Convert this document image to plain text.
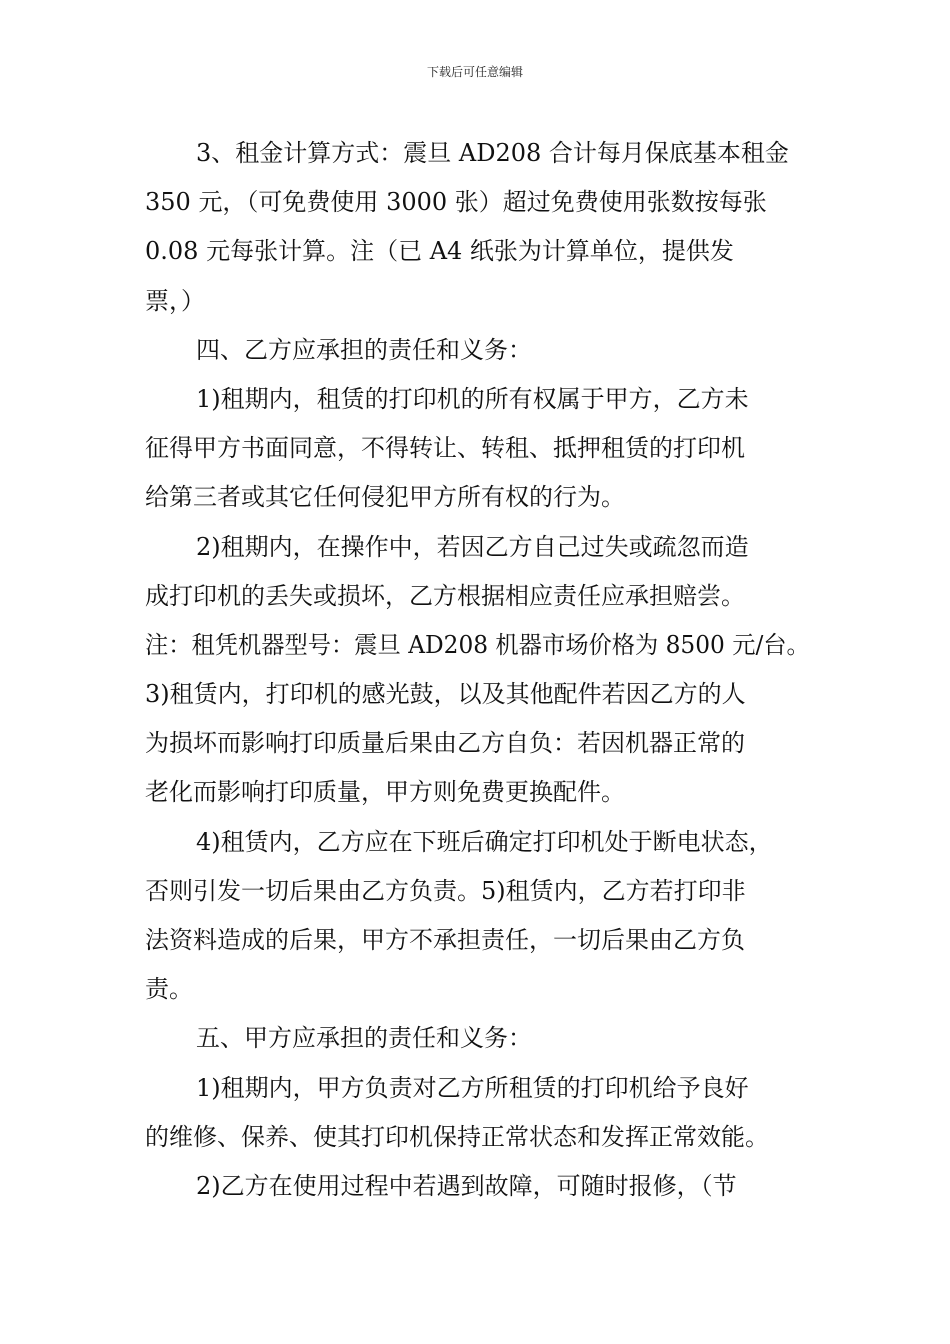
下载后可任意编辑
3、租金计算方式：震旦 AD208 合计每月保底基本租金
350 元，（可免费使用 3000 张）超过免费使用张数按每张
0.08 元每张计算。注（已 A4 纸张为计算单位，提供发
票，）
四、乙方应承担的责任和义务：
1)租期内，租赁的打印机的所有权属于甲方，乙方未
征得甲方书面同意，不得转让、转租、抵押租赁的打印机
给第三者或其它任何侵犯甲方所有权的行为。
2)租期内，在操作中，若因乙方自己过失或疏忽而造
成打印机的丢失或损坏，乙方根据相应责任应承担赔尝。
注：租凭机器型号：震旦 AD208 机器市场价格为 8500 元/台。
3)租赁内，打印机的感光鼓，以及其他配件若因乙方的人
为损坏而影响打印质量后果由乙方自负：若因机器正常的
老化而影响打印质量，甲方则免费更换配件。
4)租赁内，乙方应在下班后确定打印机处于断电状态，
否则引发一切后果由乙方负责。5)租赁内，乙方若打印非
法资料造成的后果，甲方不承担责任，一切后果由乙方负
责。
五、甲方应承担的责任和义务：
1)租期内，甲方负责对乙方所租赁的打印机给予良好
的维修、保养、使其打印机保持正常状态和发挥正常效能。
2)乙方在使用过程中若遇到故障，可随时报修，（节
